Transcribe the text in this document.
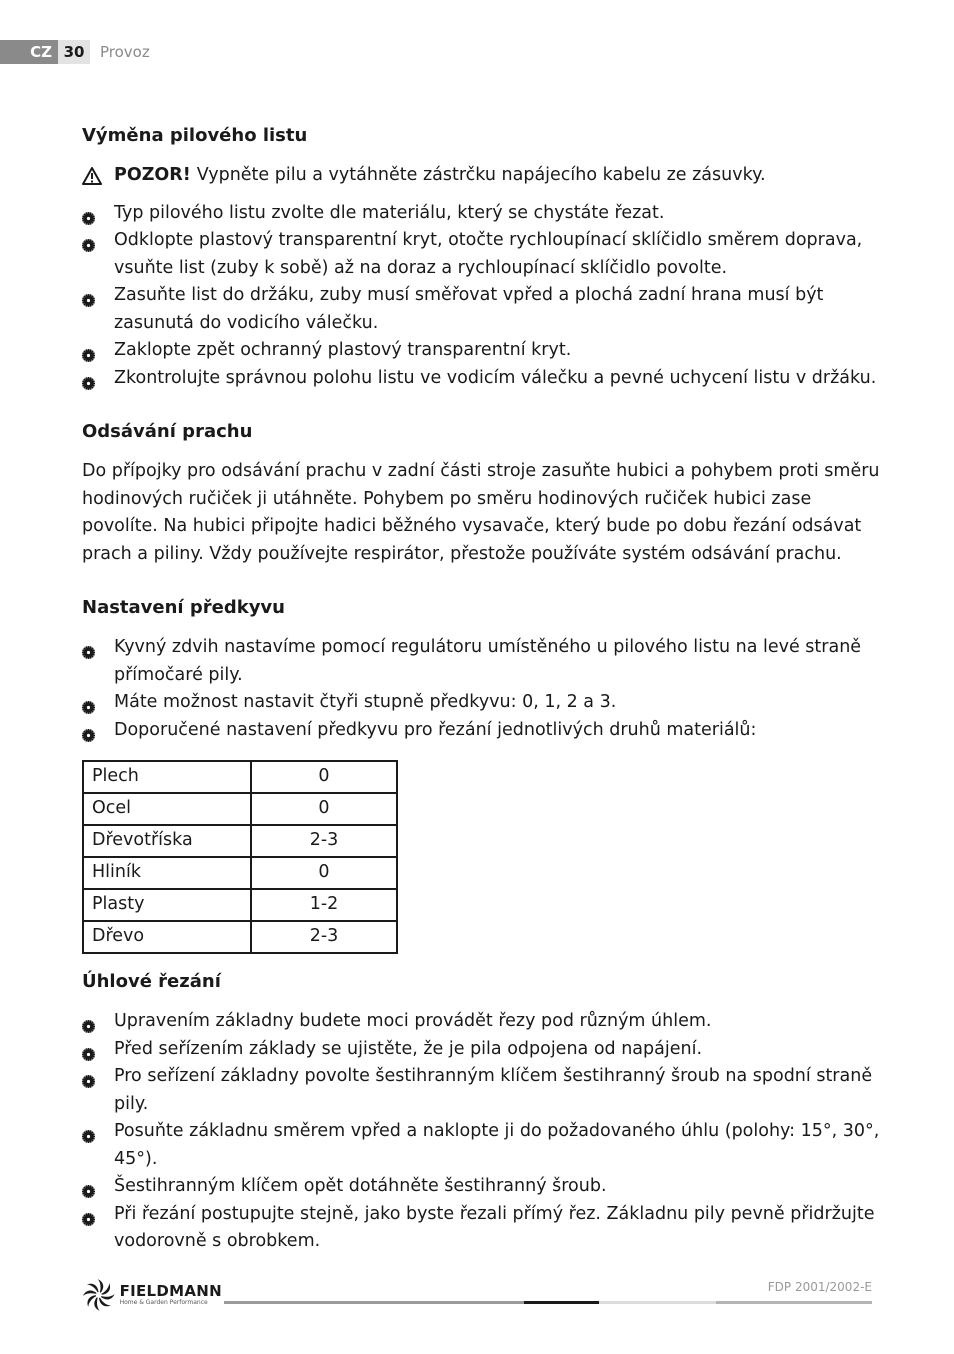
CZ 30	Provoz
Výměna pilového listu
POZOR! Vypněte pilu a vytáhněte zástrčku napájecího kabelu ze zásuvky.
Typ pilového listu zvolte dle materiálu, který se chystáte řezat.
Odklopte plastový transparentní kryt, otočte rychloupínací sklíčidlo směrem doprava, vsuňte list (zuby k sobě) až na doraz a rychloupínací sklíčidlo povolte.
Zasuňte list do držáku, zuby musí směřovat vpřed a plochá zadní hrana musí být zasunutá do vodicího válečku.
Zaklopte zpět ochranný plastový transparentní kryt.
Zkontrolujte správnou polohu listu ve vodicím válečku a pevné uchycení listu v držáku.
Odsávání prachu

Do přípojky pro odsávání prachu v zadní části stroje zasuňte hubici a pohybem proti směru hodinových ručiček ji utáhněte. Pohybem po směru hodinových ručiček hubici zase povolíte. Na hubici připojte hadici běžného vysavače, který bude po dobu řezání odsávat prach a piliny. Vždy používejte respirátor, přestože používáte systém odsávání prachu.

Nastavení předkyvu
Kyvný zdvih nastavíme pomocí regulátoru umístěného u pilového listu na levé straně přímočaré pily.
Máte možnost nastavit čtyři stupně předkyvu: 0, 1, 2 a 3.
Doporučené nastavení předkyvu pro řezání jednotlivých druhů materiálů:
Plech	0
Ocel	0
Dřevotříska	2-3
Hliník	0
Plasty	1-2
Dřevo	2-3
Úhlové řezání
Upravením základny budete moci provádět řezy pod různým úhlem.
Před seřízením základy se ujistěte, že je pila odpojena od napájení.
Pro seřízení základny povolte šestihranným klíčem šestihranný šroub na spodní straně pily.
Posuňte základnu směrem vpřed a naklopte ji do požadovaného úhlu (polohy: 15°, 30°, 45°).
Šestihranným klíčem opět dotáhněte šestihranný šroub.
Při řezání postupujte stejně, jako byste řezali přímý řez. Základnu pily pevně přidržujte vodorovně s obrobkem.
FIELDMANN
Home & Garden Performance
FDP 2001/2002-E
